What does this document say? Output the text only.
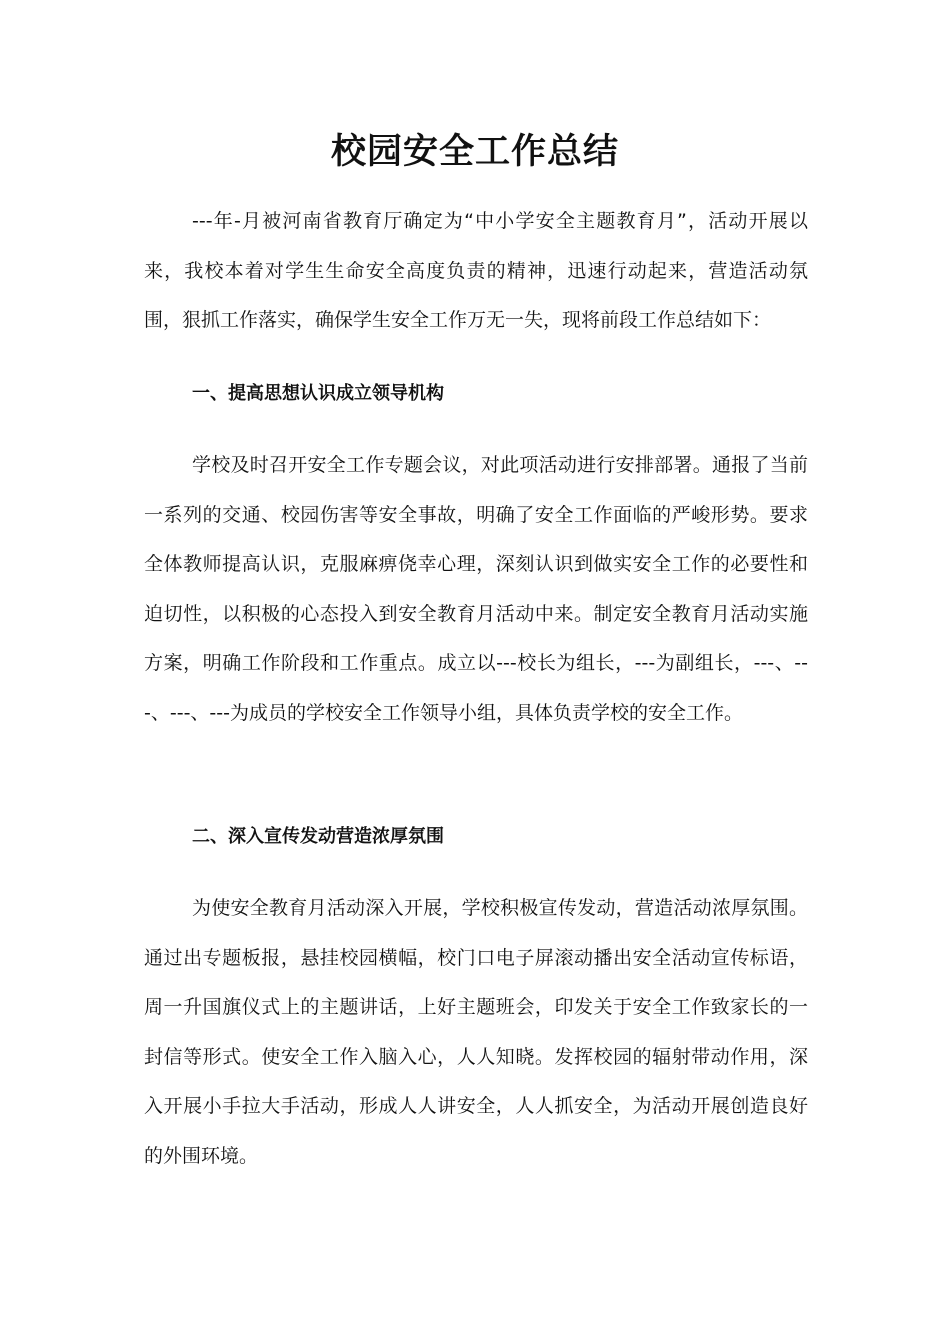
校园安全工作总结

---年-月被河南省教育厅确定为“中小学安全主题教育月”，活动开展以来，我校本着对学生生命安全高度负责的精神，迅速行动起来，营造活动氛围，狠抓工作落实，确保学生安全工作万无一失，现将前段工作总结如下：

一、提高思想认识成立领导机构

学校及时召开安全工作专题会议，对此项活动进行安排部署。通报了当前一系列的交通、校园伤害等安全事故，明确了安全工作面临的严峻形势。要求全体教师提高认识，克服麻痹侥幸心理，深刻认识到做实安全工作的必要性和迫切性，以积极的心态投入到安全教育月活动中来。制定安全教育月活动实施方案，明确工作阶段和工作重点。成立以---校长为组长，---为副组长，---、---、---、---为成员的学校安全工作领导小组，具体负责学校的安全工作。

二、深入宣传发动营造浓厚氛围

为使安全教育月活动深入开展，学校积极宣传发动，营造活动浓厚氛围。通过出专题板报，悬挂校园横幅，校门口电子屏滚动播出安全活动宣传标语，周一升国旗仪式上的主题讲话，上好主题班会，印发关于安全工作致家长的一封信等形式。使安全工作入脑入心，人人知晓。发挥校园的辐射带动作用，深入开展小手拉大手活动，形成人人讲安全，人人抓安全，为活动开展创造良好的外围环境。
